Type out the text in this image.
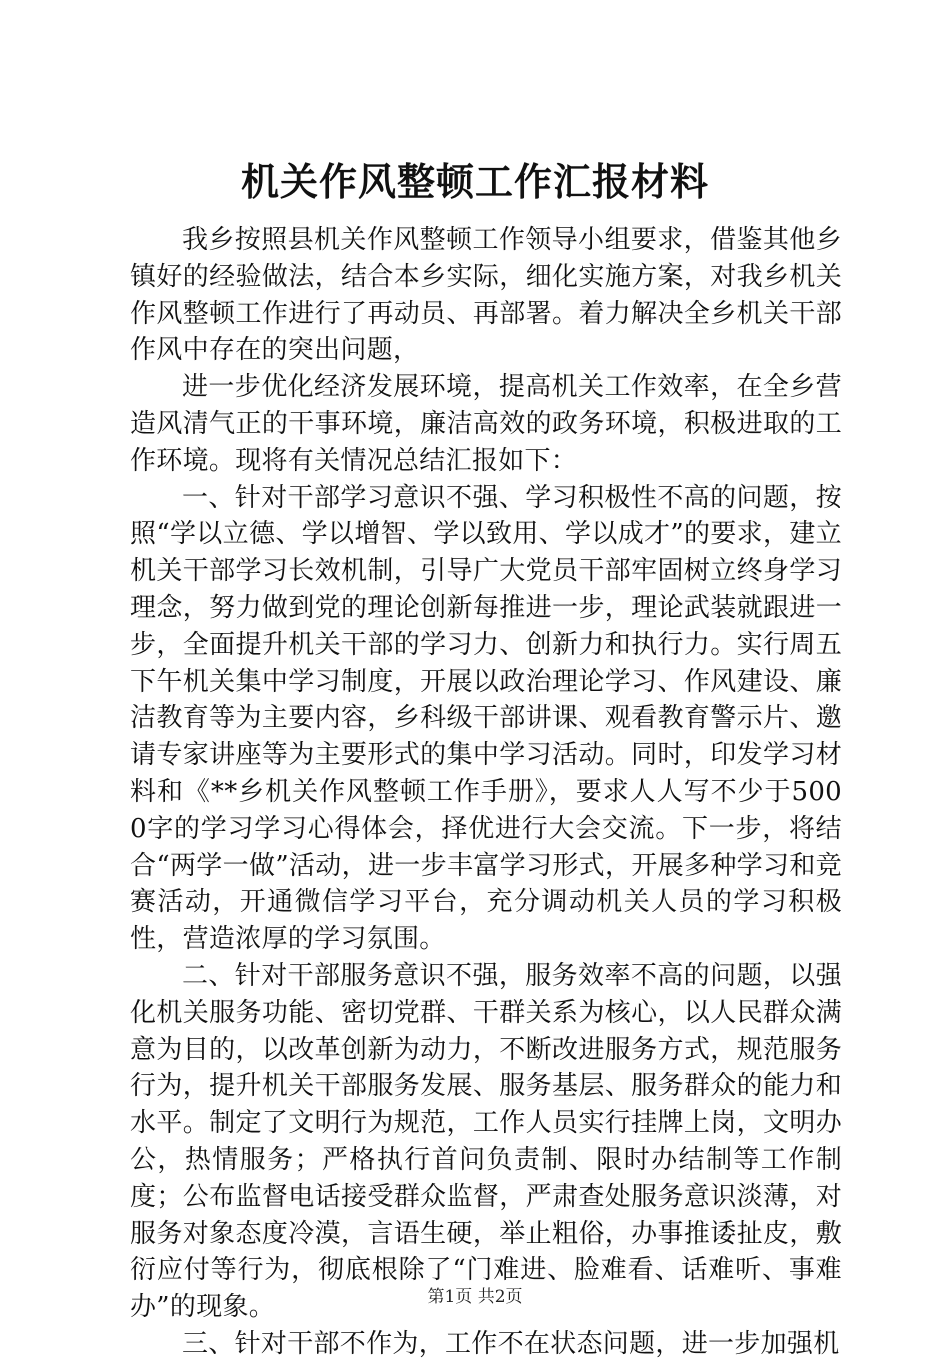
机关作风整顿工作汇报材料

我乡按照县机关作风整顿工作领导小组要求，借鉴其他乡镇好的经验做法，结合本乡实际，细化实施方案，对我乡机关作风整顿工作进行了再动员、再部署。着力解决全乡机关干部作风中存在的突出问题，

进一步优化经济发展环境，提高机关工作效率，在全乡营造风清气正的干事环境，廉洁高效的政务环境，积极进取的工作环境。现将有关情况总结汇报如下：

一、针对干部学习意识不强、学习积极性不高的问题，按照“学以立德、学以增智、学以致用、学以成才”的要求，建立机关干部学习长效机制，引导广大党员干部牢固树立终身学习理念，努力做到党的理论创新每推进一步，理论武装就跟进一步，全面提升机关干部的学习力、创新力和执行力。实行周五下午机关集中学习制度，开展以政治理论学习、作风建设、廉洁教育等为主要内容，乡科级干部讲课、观看教育警示片、邀请专家讲座等为主要形式的集中学习活动。同时，印发学习材料和《**乡机关作风整顿工作手册》，要求人人写不少于5000字的学习学习心得体会，择优进行大会交流。下一步，将结合“两学一做”活动，进一步丰富学习形式，开展多种学习和竞赛活动，开通微信学习平台，充分调动机关人员的学习积极性，营造浓厚的学习氛围。

二、针对干部服务意识不强，服务效率不高的问题，以强化机关服务功能、密切党群、干群关系为核心，以人民群众满意为目的，以改革创新为动力，不断改进服务方式，规范服务行为，提升机关干部服务发展、服务基层、服务群众的能力和水平。制定了文明行为规范，工作人员实行挂牌上岗，文明办公，热情服务；严格执行首问负责制、限时办结制等工作制度；公布监督电话接受群众监督，严肃查处服务意识淡薄，对服务对象态度冷漠，言语生硬，举止粗俗，办事推诿扯皮，敷衍应付等行为，彻底根除了“门难进、脸难看、话难听、事难办”的现象。

三、针对干部不作为，工作不在状态问题，进一步加强机

第1页 共2页
